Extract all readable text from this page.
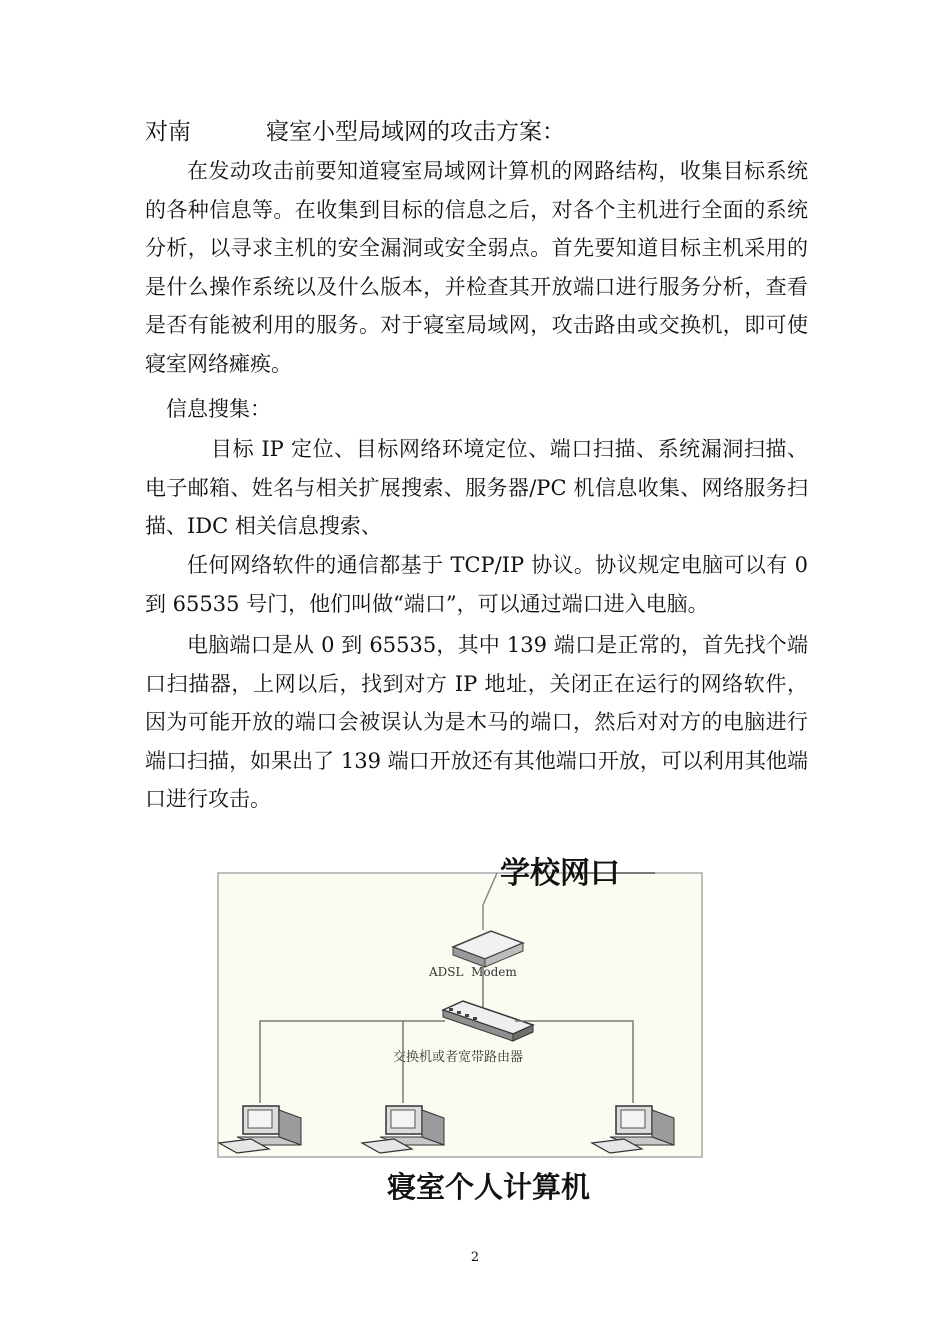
对南	寝室小型局域网的攻击方案：

在发动攻击前要知道寝室局域网计算机的网路结构，收集目标系统的各种信息等。在收集到目标的信息之后，对各个主机进行全面的系统分析，以寻求主机的安全漏洞或安全弱点。首先要知道目标主机采用的是什么操作系统以及什么版本，并检查其开放端口进行服务分析，查看是否有能被利用的服务。对于寝室局域网，攻击路由或交换机，即可使寝室网络瘫痪。

信息搜集：

目标 IP 定位、目标网络环境定位、端口扫描、系统漏洞扫描、电子邮箱、姓名与相关扩展搜索、服务器/PC 机信息收集、网络服务扫描、IDC 相关信息搜索、

任何网络软件的通信都基于 TCP/IP 协议。协议规定电脑可以有 0 到 65535 号门，他们叫做“端口”，可以通过端口进入电脑。

电脑端口是从 0 到 65535，其中 139 端口是正常的，首先找个端口扫描器，上网以后，找到对方 IP 地址，关闭正在运行的网络软件，因为可能开放的端口会被误认为是木马的端口，然后对对方的电脑进行端口扫描，如果出了 139 端口开放还有其他端口开放，可以利用其他端口进行攻击。

学校网口
ADSL  Modem
交换机或者宽带路由器
寝室个人计算机
2
